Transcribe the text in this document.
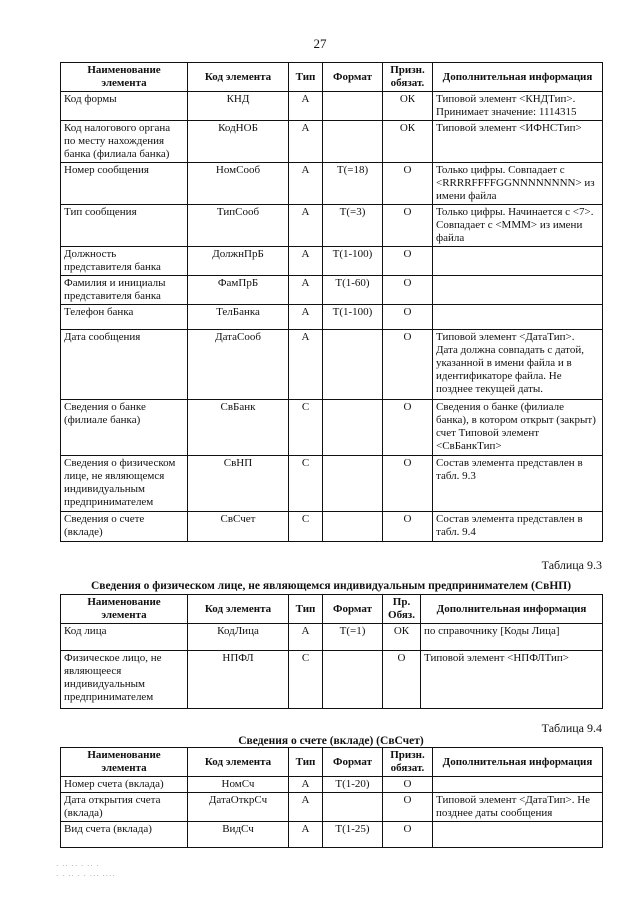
27
Наименование элемента	Код элемента	Тип	Формат	Призн. обязат.	Дополнительная информация
Код формы	КНД	А		ОК	Типовой элемент <КНДТип>. Принимает значение: 1114315
Код налогового органа по месту нахождения банка (филиала банка)	КодНОБ	А		ОК	Типовой элемент <ИФНСТип>
Номер сообщения	НомСооб	А	Т(=18)	О	Только цифры. Совпадает с <RRRRFFFFGGNNNNNNNN> из имени файла
Тип сообщения	ТипСооб	А	Т(=3)	О	Только цифры. Начинается с <7>. Совпадает с <МММ> из имени файла
Должность представителя банка	ДолжнПрБ	А	Т(1-100)	О	
Фамилия и инициалы представителя банка	ФамПрБ	А	Т(1-60)	О	
Телефон банка	ТелБанка	А	Т(1-100)	О	
Дата сообщения	ДатаСооб	А		О	Типовой элемент <ДатаТип>. Дата должна совпадать с датой, указанной в имени файла и в идентификаторе файла. Не позднее текущей даты.
Сведения о банке (филиале банка)	СвБанк	С		О	Сведения о банке (филиале банка), в котором открыт (закрыт) счет Типовой элемент <СвБанкТип>
Сведения о физическом лице, не являющемся индивидуальным предпринимателем	СвНП	С		О	Состав элемента представлен в табл. 9.3
Сведения о счете (вкладе)	СвСчет	С		О	Состав элемента представлен в табл. 9.4
Таблица 9.3
Сведения о физическом лице, не являющемся индивидуальным предпринимателем (СвНП)
Наименование элемента	Код элемента	Тип	Формат	Пр. Обяз.	Дополнительная информация
Код лица	КодЛица	А	Т(=1)	ОК	по справочнику [Коды Лица]
Физическое лицо, не являющееся индивидуальным предпринимателем	НПФЛ	С		О	Типовой элемент <НПФЛТип>
Таблица 9.4
Сведения о счете (вкладе) (СвСчет)
Наименование элемента	Код элемента	Тип	Формат	Призн. обязат.	Дополнительная информация
Номер счета (вклада)	НомСч	А	Т(1-20)	О	
Дата открытия счета (вклада)	ДатаОткрСч	А		О	Типовой элемент <ДатаТип>. Не позднее даты сообщения
Вид счета (вклада)	ВидСч	А	Т(1-25)	О	
· ·· ·· · ·· ·
· · ·· · · ··· ····
